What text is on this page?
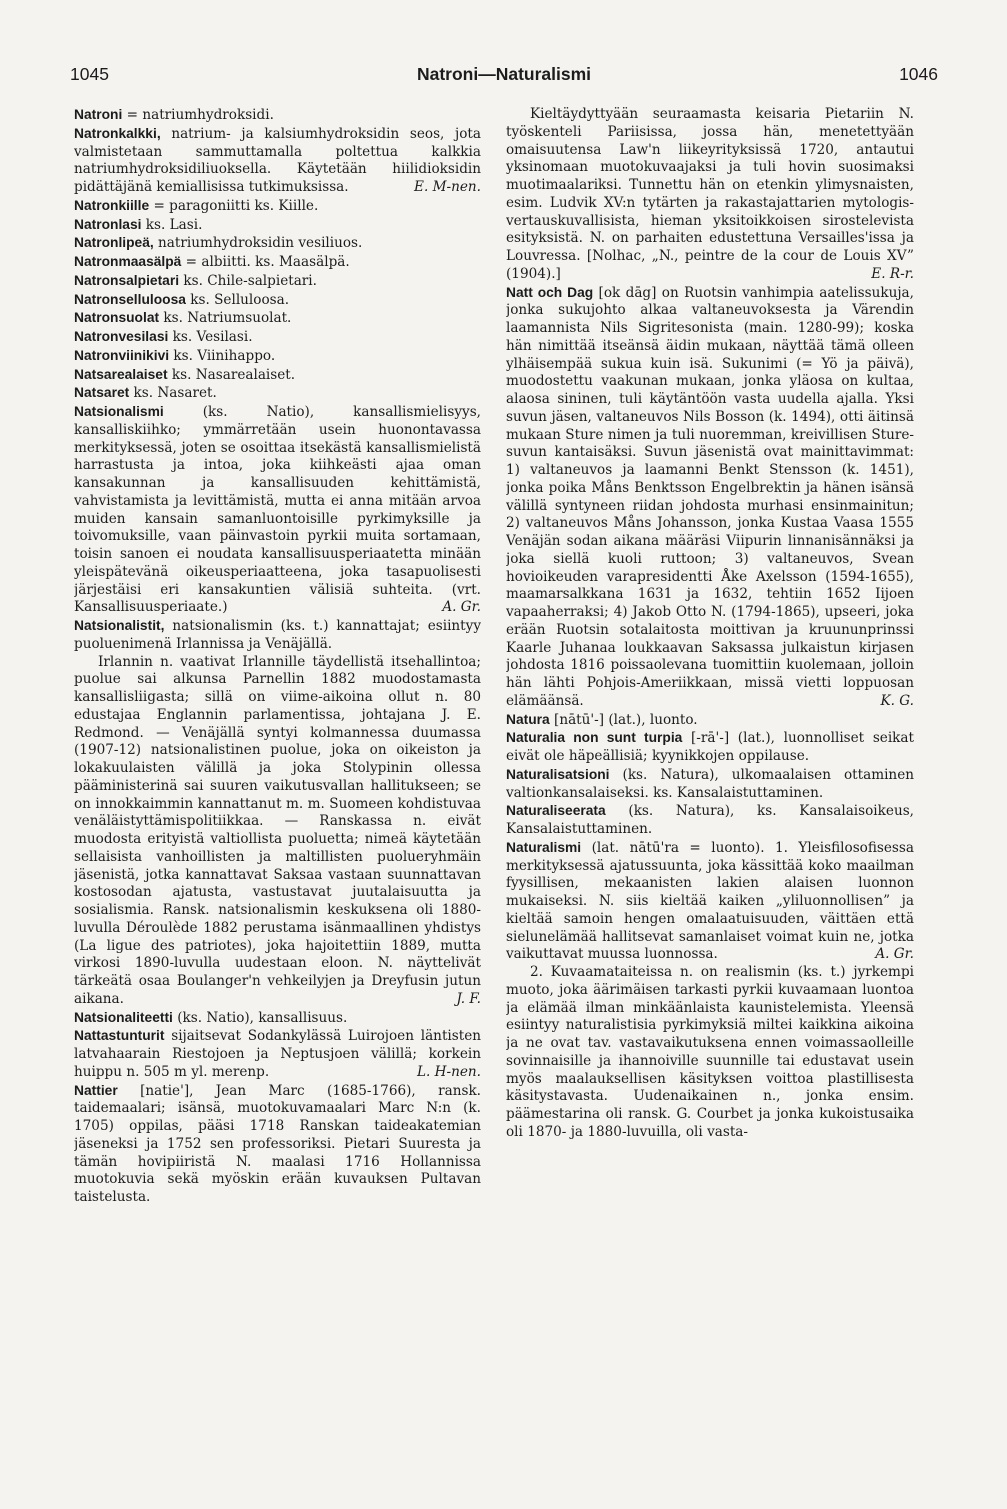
1045	Natroni—Naturalismi	1046

Natroni = natriumhydroksidi.

Natronkalkki, natrium- ja kalsiumhydroksidin seos, jota valmistetaan sammuttamalla poltettua kalkkia natriumhydroksidiliuoksella. Käytetään hiilidioksidin pidättäjänä kemiallisissa tutkimuksissa.	E. M-nen.

Natronkiille = paragoniitti ks. Kiille.

Natronlasi ks. Lasi.

Natronlipeä, natriumhydroksidin vesiliuos.

Natronmaasälpä = albiitti. ks. Maasälpä.

Natronsalpietari ks. Chile-salpietari.

Natronselluloosa ks. Selluloosa.

Natronsuolat ks. Natriumsuolat.

Natronvesilasi ks. Vesilasi.

Natronviinikivi ks. Viinihappo.

Natsarealaiset ks. Nasarealaiset.

Natsaret ks. Nasaret.

Natsionalismi (ks. Natio), kansallismielisyys, kansalliskiihko; ymmärretään usein huonontavassa merkityksessä, joten se osoittaa itsekästä kansallismielistä harrastusta ja intoa, joka kiihkeästi ajaa oman kansakunnan ja kansallisuuden kehittämistä, vahvistamista ja levittämistä, mutta ei anna mitään arvoa muiden kansain samanluontoisille pyrkimyksille ja toivomuksille, vaan päinvastoin pyrkii muita sortamaan, toisin sanoen ei noudata kansallisuusperiaatetta minään yleispätevänä oikeusperiaatteena, joka tasapuolisesti järjestäisi eri kansakuntien välisiä suhteita. (vrt. Kansallisuusperiaate.)	A. Gr.

Natsionalistit, natsionalismin (ks. t.) kannattajat; esiintyy puoluenimenä Irlannissa ja Venäjällä.

Irlannin n. vaativat Irlannille täydellistä itsehallintoa; puolue sai alkunsa Parnellin 1882 muodostamasta kansallisliigasta; sillä on viime-aikoina ollut n. 80 edustajaa Englannin parlamentissa, johtajana J. E. Redmond. — Venäjällä syntyi kolmannessa duumassa (1907-12) natsionalistinen puolue, joka on oikeiston ja lokakuulaisten välillä ja joka Stolypinin ollessa pääministerinä sai suuren vaikutusvallan hallitukseen; se on innokkaimmin kannattanut m. m. Suomeen kohdistuvaa venäläistyttämispolitiikkaa. — Ranskassa n. eivät muodosta erityistä valtiollista puoluetta; nimeä käytetään sellaisista vanhoillisten ja maltillisten puolueryhmäin jäsenistä, jotka kannattavat Saksaa vastaan suunnattavan kostosodan ajatusta, vastustavat juutalaisuutta ja sosialismia. Ransk. natsionalismin keskuksena oli 1880-luvulla Déroulède 1882 perustama isänmaallinen yhdistys (La ligue des patriotes), joka hajoitettiin 1889, mutta virkosi 1890-luvulla uudestaan eloon. N. näyttelivät tärkeätä osaa Boulanger'n vehkeilyjen ja Dreyfusin jutun aikana.	J. F.

Natsionaliteetti (ks. Natio), kansallisuus.

Nattastunturit sijaitsevat Sodankylässä Luirojoen läntisten latvahaarain Riestojoen ja Neptusjoen välillä; korkein huippu n. 505 m yl. merenp.	L. H-nen.

Nattier [natie'], Jean Marc (1685-1766), ransk. taidemaalari; isänsä, muotokuvamaalari Marc N:n (k. 1705) oppilas, pääsi 1718 Ranskan taideakatemian jäseneksi ja 1752 sen professoriksi. Pietari Suuresta ja tämän hovipiiristä N. maalasi 1716 Hollannissa muotokuvia sekä myöskin erään kuvauksen Pultavan taistelusta.

Kieltäydyttyään seuraamasta keisaria Pietariin N. työskenteli Pariisissa, jossa hän, menetettyään omaisuutensa Law'n liikeyrityksissä 1720, antautui yksinomaan muotokuvaajaksi ja tuli hovin suosimaksi muotimaalariksi. Tunnettu hän on etenkin ylimysnaisten, esim. Ludvik XV:n tytärten ja rakastajattarien mytologis-vertauskuvallisista, hieman yksitoikkoisen sirostelevista esityksistä. N. on parhaiten edustettuna Versailles'issa ja Louvressa. [Nolhac, „N., peintre de la cour de Louis XV” (1904).]	E. R-r.

Natt och Dag [ok dāg] on Ruotsin vanhimpia aatelissukuja, jonka sukujohto alkaa valtaneuvoksesta ja Värendin laamannista Nils Sigritesonista (main. 1280-99); koska hän nimittää itseänsä äidin mukaan, näyttää tämä olleen ylhäisempää sukua kuin isä. Sukunimi (= Yö ja päivä), muodostettu vaakunan mukaan, jonka yläosa on kultaa, alaosa sininen, tuli käytäntöön vasta uudella ajalla. Yksi suvun jäsen, valtaneuvos Nils Bosson (k. 1494), otti äitinsä mukaan Sture nimen ja tuli nuoremman, kreivillisen Sture-suvun kantaisäksi. Suvun jäsenistä ovat mainittavimmat: 1) valtaneuvos ja laamanni Benkt Stensson (k. 1451), jonka poika Måns Benktsson Engelbrektin ja hänen isänsä välillä syntyneen riidan johdosta murhasi ensinmainitun; 2) valtaneuvos Måns Johansson, jonka Kustaa Vaasa 1555 Venäjän sodan aikana määräsi Viipurin linnanisännäksi ja joka siellä kuoli ruttoon; 3) valtaneuvos, Svean hovioikeuden varapresidentti Åke Axelsson (1594-1655), maamarsalkkana 1631 ja 1632, tehtiin 1652 Iijoen vapaaherraksi; 4) Jakob Otto N. (1794-1865), upseeri, joka erään Ruotsin sotalaitosta moittivan ja kruununprinssi Kaarle Juhanaa loukkaavan Saksassa julkaistun kirjasen johdosta 1816 poissaolevana tuomittiin kuolemaan, jolloin hän lähti Pohjois-Ameriikkaan, missä vietti loppuosan elämäänsä.	K. G.

Natura [nātū'-] (lat.), luonto.

Naturalia non sunt turpia [-rā'-] (lat.), luonnolliset seikat eivät ole häpeällisiä; kyynikkojen oppilause.

Naturalisatsioni (ks. Natura), ulkomaalaisen ottaminen valtionkansalaiseksi. ks. Kansalaistuttaminen.

Naturaliseerata (ks. Natura), ks. Kansalaisoikeus, Kansalaistuttaminen.

Naturalismi (lat. nātū'ra = luonto). 1. Yleisfilosofisessa merkityksessä ajatussuunta, joka kässittää koko maailman fyysillisen, mekaanisten lakien alaisen luonnon mukaiseksi. N. siis kieltää kaiken „yliluonnollisen” ja kieltää samoin hengen omalaatuisuuden, väittäen että sielunelämää hallitsevat samanlaiset voimat kuin ne, jotka vaikuttavat muussa luonnossa.	A. Gr.

2. Kuvaamataiteissa n. on realismin (ks. t.) jyrkempi muoto, joka äärimäisen tarkasti pyrkii kuvaamaan luontoa ja elämää ilman minkäänlaista kaunistelemista. Yleensä esiintyy naturalistisia pyrkimyksiä miltei kaikkina aikoina ja ne ovat tav. vastavaikutuksena ennen voimassaolleille sovinnaisille ja ihannoiville suunnille tai edustavat usein myös maalauksellisen käsityksen voittoa plastillisesta käsitystavasta. Uudenaikainen n., jonka ensim. päämestarina oli ransk. G. Courbet ja jonka kukoistusaika oli 1870- ja 1880-luvuilla, oli vasta-
